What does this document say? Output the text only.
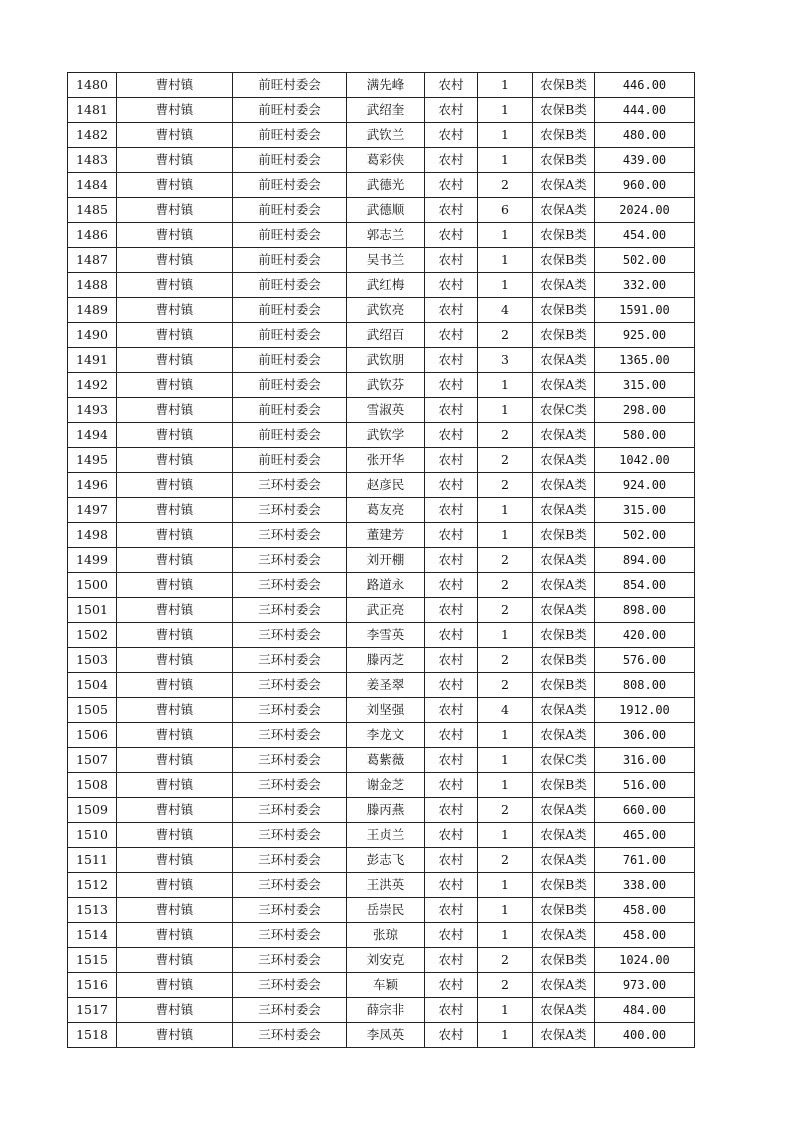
1480	曹村镇	前旺村委会	满先峰	农村	1	农保B类	446.00
1481	曹村镇	前旺村委会	武绍奎	农村	1	农保B类	444.00
1482	曹村镇	前旺村委会	武钦兰	农村	1	农保B类	480.00
1483	曹村镇	前旺村委会	葛彩侠	农村	1	农保B类	439.00
1484	曹村镇	前旺村委会	武德光	农村	2	农保A类	960.00
1485	曹村镇	前旺村委会	武德顺	农村	6	农保A类	2024.00
1486	曹村镇	前旺村委会	郭志兰	农村	1	农保B类	454.00
1487	曹村镇	前旺村委会	吴书兰	农村	1	农保B类	502.00
1488	曹村镇	前旺村委会	武红梅	农村	1	农保A类	332.00
1489	曹村镇	前旺村委会	武钦亮	农村	4	农保B类	1591.00
1490	曹村镇	前旺村委会	武绍百	农村	2	农保B类	925.00
1491	曹村镇	前旺村委会	武钦朋	农村	3	农保A类	1365.00
1492	曹村镇	前旺村委会	武钦芬	农村	1	农保A类	315.00
1493	曹村镇	前旺村委会	雪淑英	农村	1	农保C类	298.00
1494	曹村镇	前旺村委会	武钦学	农村	2	农保A类	580.00
1495	曹村镇	前旺村委会	张开华	农村	2	农保A类	1042.00
1496	曹村镇	三环村委会	赵彦民	农村	2	农保A类	924.00
1497	曹村镇	三环村委会	葛友亮	农村	1	农保A类	315.00
1498	曹村镇	三环村委会	董建芳	农村	1	农保B类	502.00
1499	曹村镇	三环村委会	刘开棚	农村	2	农保A类	894.00
1500	曹村镇	三环村委会	路道永	农村	2	农保A类	854.00
1501	曹村镇	三环村委会	武正亮	农村	2	农保A类	898.00
1502	曹村镇	三环村委会	李雪英	农村	1	农保B类	420.00
1503	曹村镇	三环村委会	滕丙芝	农村	2	农保B类	576.00
1504	曹村镇	三环村委会	姜圣翠	农村	2	农保B类	808.00
1505	曹村镇	三环村委会	刘坚强	农村	4	农保A类	1912.00
1506	曹村镇	三环村委会	李龙文	农村	1	农保A类	306.00
1507	曹村镇	三环村委会	葛紫薇	农村	1	农保C类	316.00
1508	曹村镇	三环村委会	谢金芝	农村	1	农保B类	516.00
1509	曹村镇	三环村委会	滕丙燕	农村	2	农保A类	660.00
1510	曹村镇	三环村委会	王贞兰	农村	1	农保A类	465.00
1511	曹村镇	三环村委会	彭志飞	农村	2	农保A类	761.00
1512	曹村镇	三环村委会	王洪英	农村	1	农保B类	338.00
1513	曹村镇	三环村委会	岳崇民	农村	1	农保B类	458.00
1514	曹村镇	三环村委会	张琼	农村	1	农保A类	458.00
1515	曹村镇	三环村委会	刘安克	农村	2	农保B类	1024.00
1516	曹村镇	三环村委会	车颖	农村	2	农保A类	973.00
1517	曹村镇	三环村委会	薛宗非	农村	1	农保A类	484.00
1518	曹村镇	三环村委会	李凤英	农村	1	农保A类	400.00
